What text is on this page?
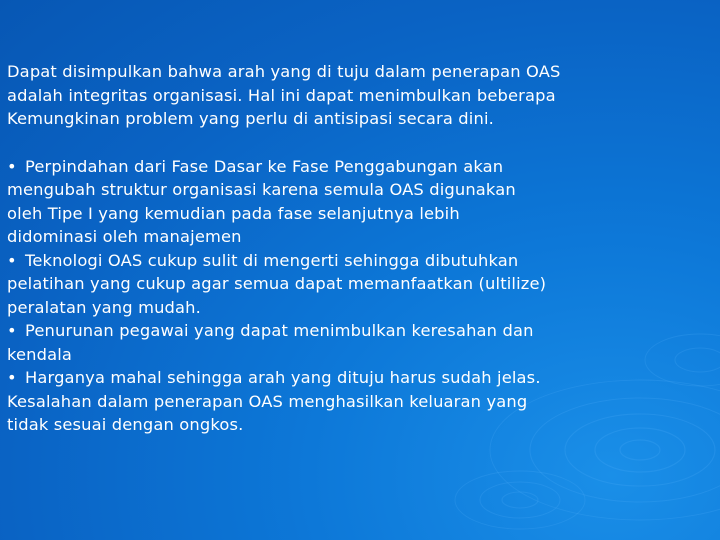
Dapat disimpulkan bahwa arah yang di tuju dalam penerapan OAS
adalah integritas organisasi. Hal ini dapat menimbulkan beberapa
Kemungkinan problem yang perlu di antisipasi secara dini.

• Perpindahan dari Fase Dasar ke Fase Penggabungan akan
mengubah struktur organisasi karena semula OAS digunakan
oleh Tipe I yang kemudian pada fase selanjutnya lebih
didominasi oleh manajemen
• Teknologi OAS cukup sulit di mengerti sehingga dibutuhkan
pelatihan yang cukup agar semua dapat memanfaatkan (ultilize)
peralatan yang mudah.
• Penurunan pegawai yang dapat menimbulkan keresahan dan
kendala
• Harganya mahal sehingga arah yang dituju harus sudah jelas.
Kesalahan dalam penerapan OAS menghasilkan keluaran yang
tidak sesuai dengan ongkos.
